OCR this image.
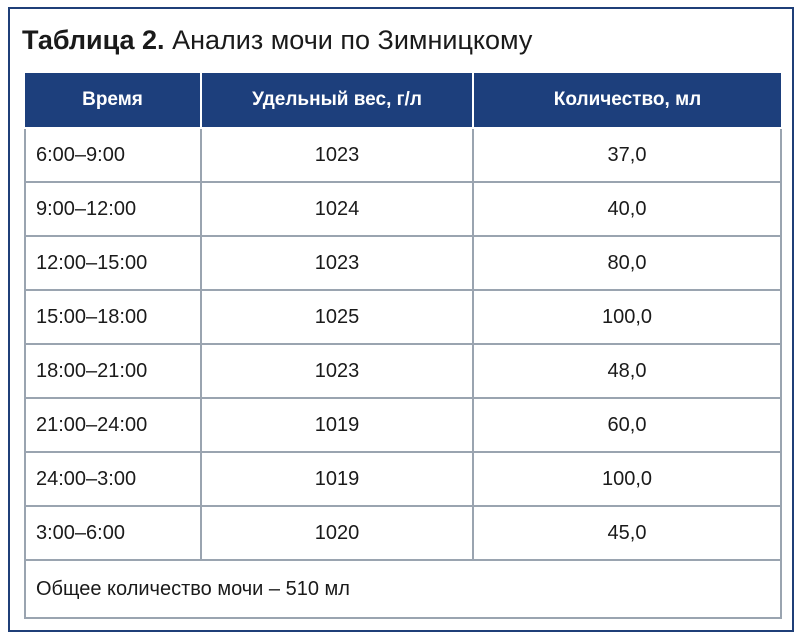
Таблица 2. Анализ мочи по Зимницкому
Время	Удельный вес, г/л	Количество, мл
6:00–9:00	1023	37,0
9:00–12:00	1024	40,0
12:00–15:00	1023	80,0
15:00–18:00	1025	100,0
18:00–21:00	1023	48,0
21:00–24:00	1019	60,0
24:00–3:00	1019	100,0
3:00–6:00	1020	45,0
Общее количество мочи – 510 мл		
